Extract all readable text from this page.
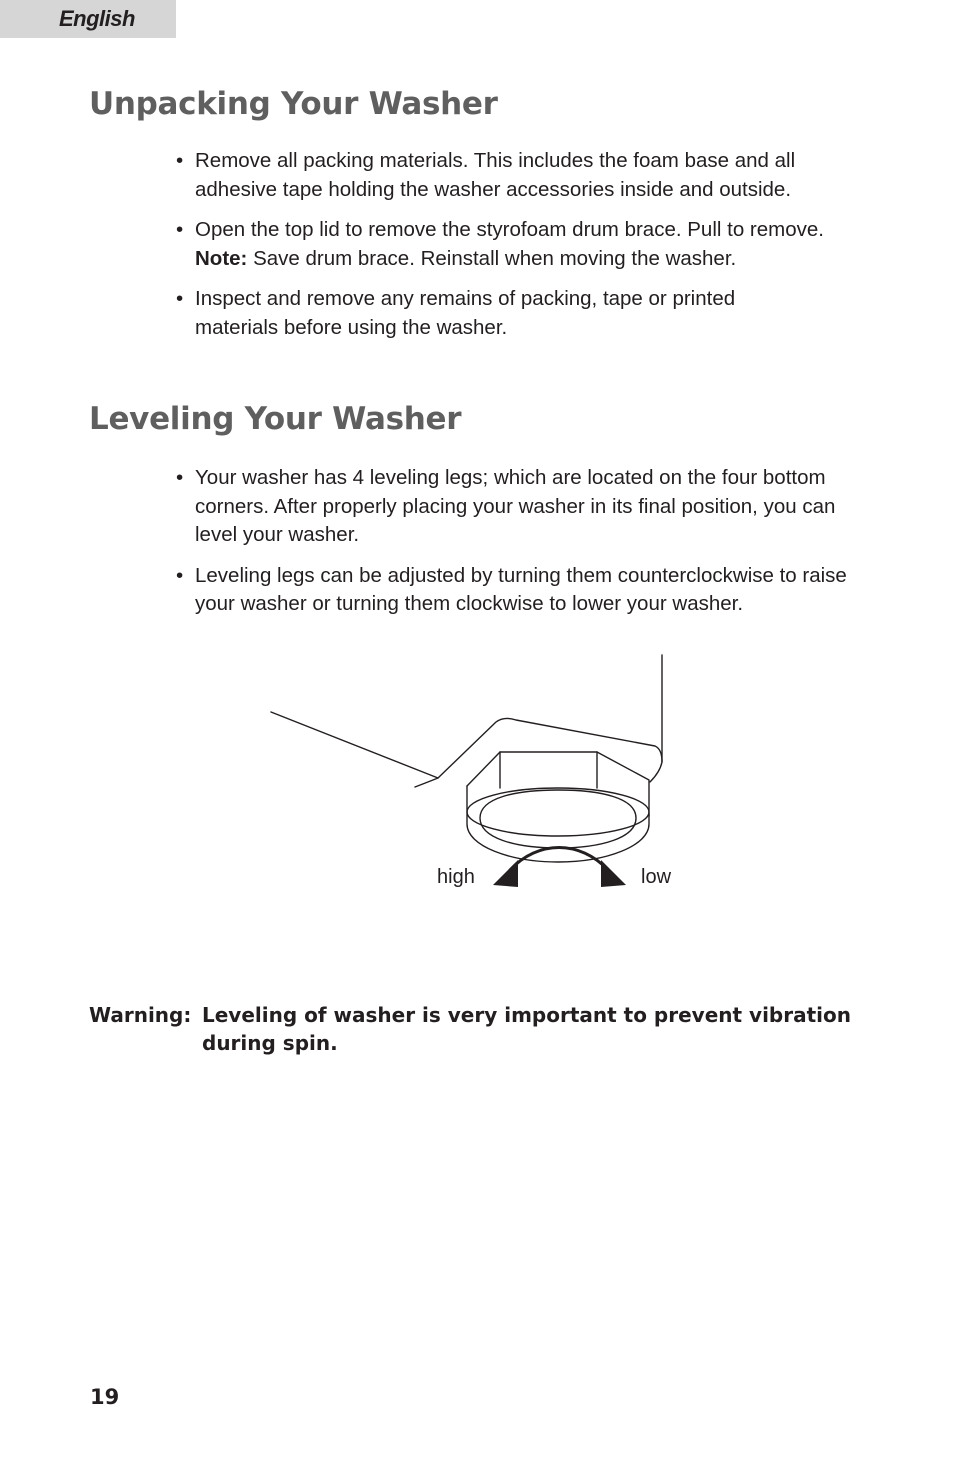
English
Unpacking Your Washer
• Remove all packing materials. This includes the foam base and all
adhesive tape holding the washer accessories inside and outside.
• Open the top lid to remove the styrofoam drum brace. Pull to remove.
Note: Save drum brace. Reinstall when moving the washer.
• Inspect and remove any remains of packing, tape or printed
materials before using the washer.
Leveling Your Washer
• Your washer has 4 leveling legs; which are located on the four bottom
corners. After properly placing your washer in its final position, you can
level your washer.
• Leveling legs can be adjusted by turning them counterclockwise to raise
your washer or turning them clockwise to lower your washer.
high	low
Warning: Leveling of washer is very important to prevent vibration
during spin.
19
